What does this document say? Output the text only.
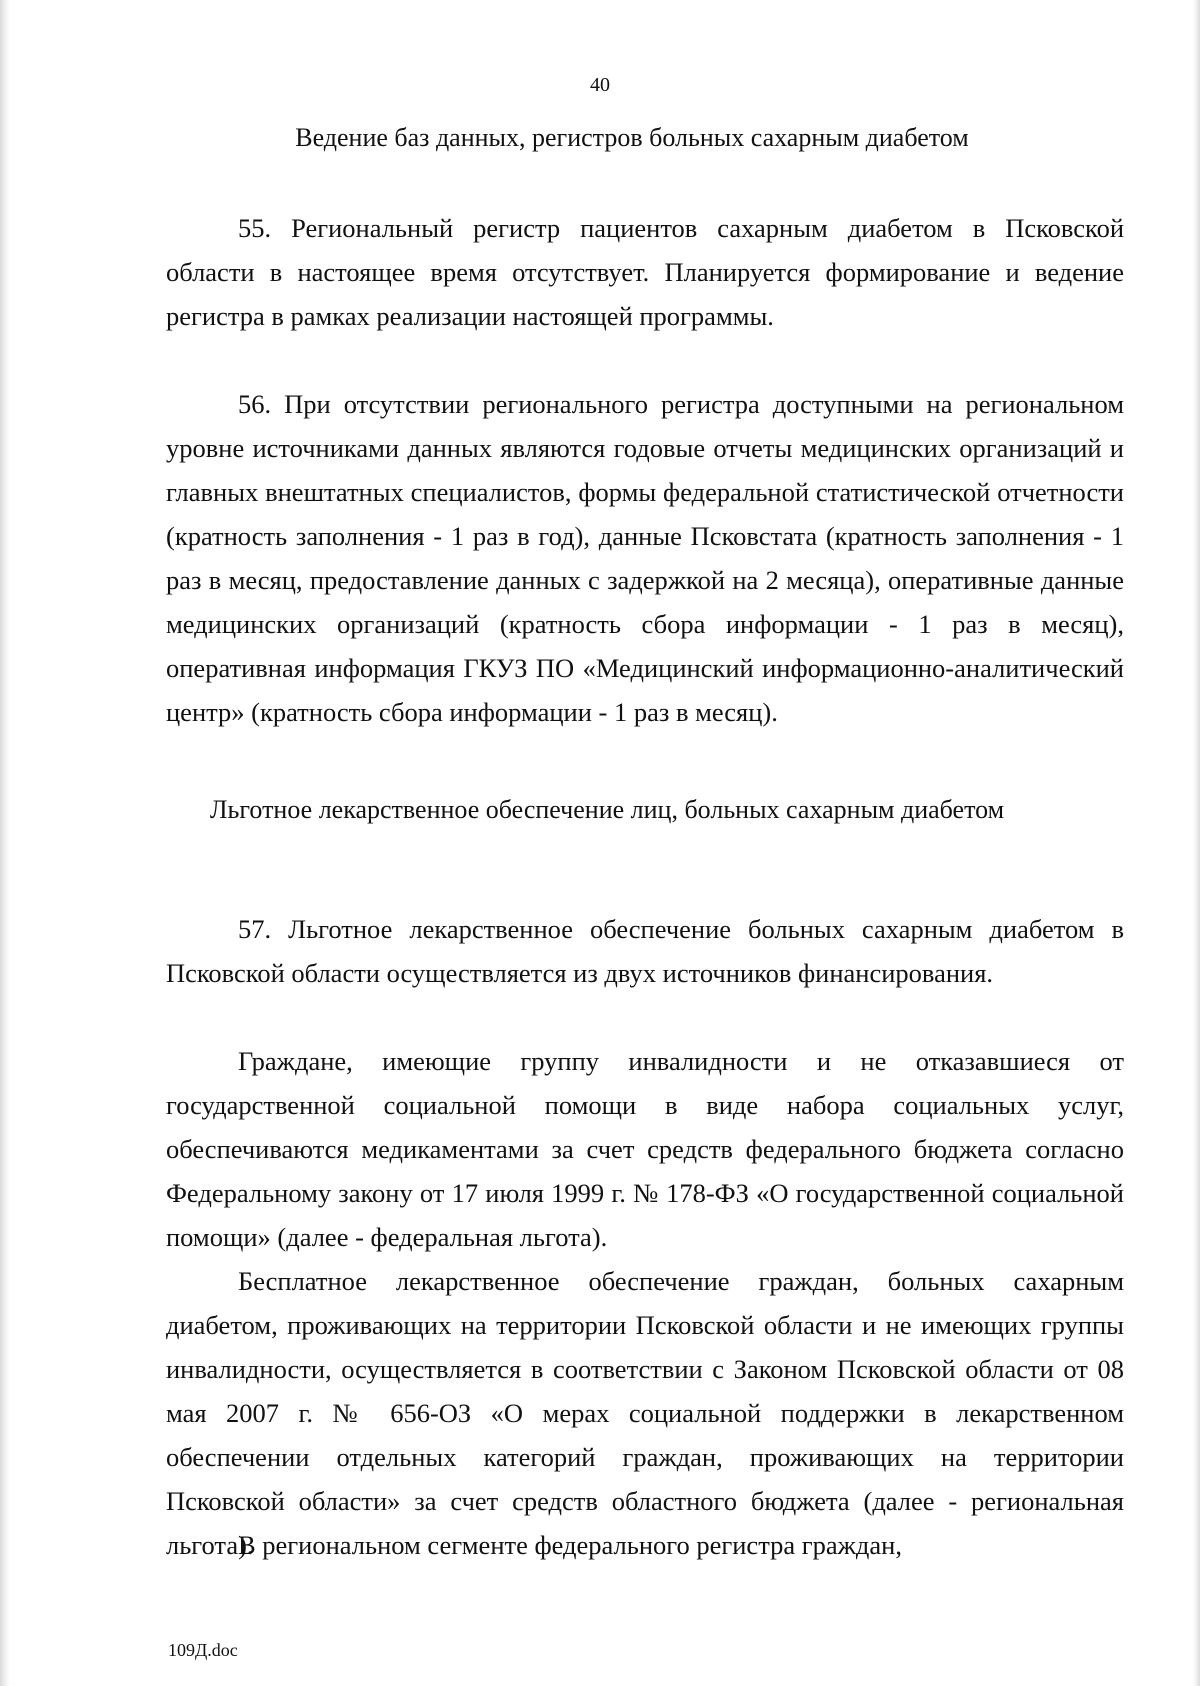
40
Ведение баз данных, регистров больных сахарным диабетом

55. Региональный регистр пациентов сахарным диабетом в Псковской области в настоящее время отсутствует. Планируется формирование и ведение регистра в рамках реализации настоящей программы.

56. При отсутствии регионального регистра доступными на региональном уровне источниками данных являются годовые отчеты медицинских организаций и главных внештатных специалистов, формы федеральной статистической отчетности (кратность заполнения - 1 раз в год), данные Псковстата (кратность заполнения - 1 раз в месяц, предоставление данных с задержкой на 2 месяца), оперативные данные медицинских организаций (кратность сбора информации - 1 раз в месяц), оперативная информация ГКУЗ ПО «Медицинский информационно-аналитический центр» (кратность сбора информации - 1 раз в месяц).

Льготное лекарственное обеспечение лиц, больных сахарным диабетом

57. Льготное лекарственное обеспечение больных сахарным диабетом в Псковской области осуществляется из двух источников финансирования.

Граждане, имеющие группу инвалидности и не отказавшиеся от государственной социальной помощи в виде набора социальных услуг, обеспечиваются медикаментами за счет средств федерального бюджета согласно Федеральному закону от 17 июля 1999 г. № 178-ФЗ «О государственной социальной помощи» (далее - федеральная льгота).

Бесплатное лекарственное обеспечение граждан, больных сахарным диабетом, проживающих на территории Псковской области и не имеющих группы инвалидности, осуществляется в соответствии с Законом Псковской области от 08 мая 2007 г. № 656-ОЗ «О мерах социальной поддержки в лекарственном обеспечении отдельных категорий граждан, проживающих на территории Псковской области» за счет средств областного бюджета (далее - региональная льгота).

В региональном сегменте федерального регистра граждан,

109Д.doc
